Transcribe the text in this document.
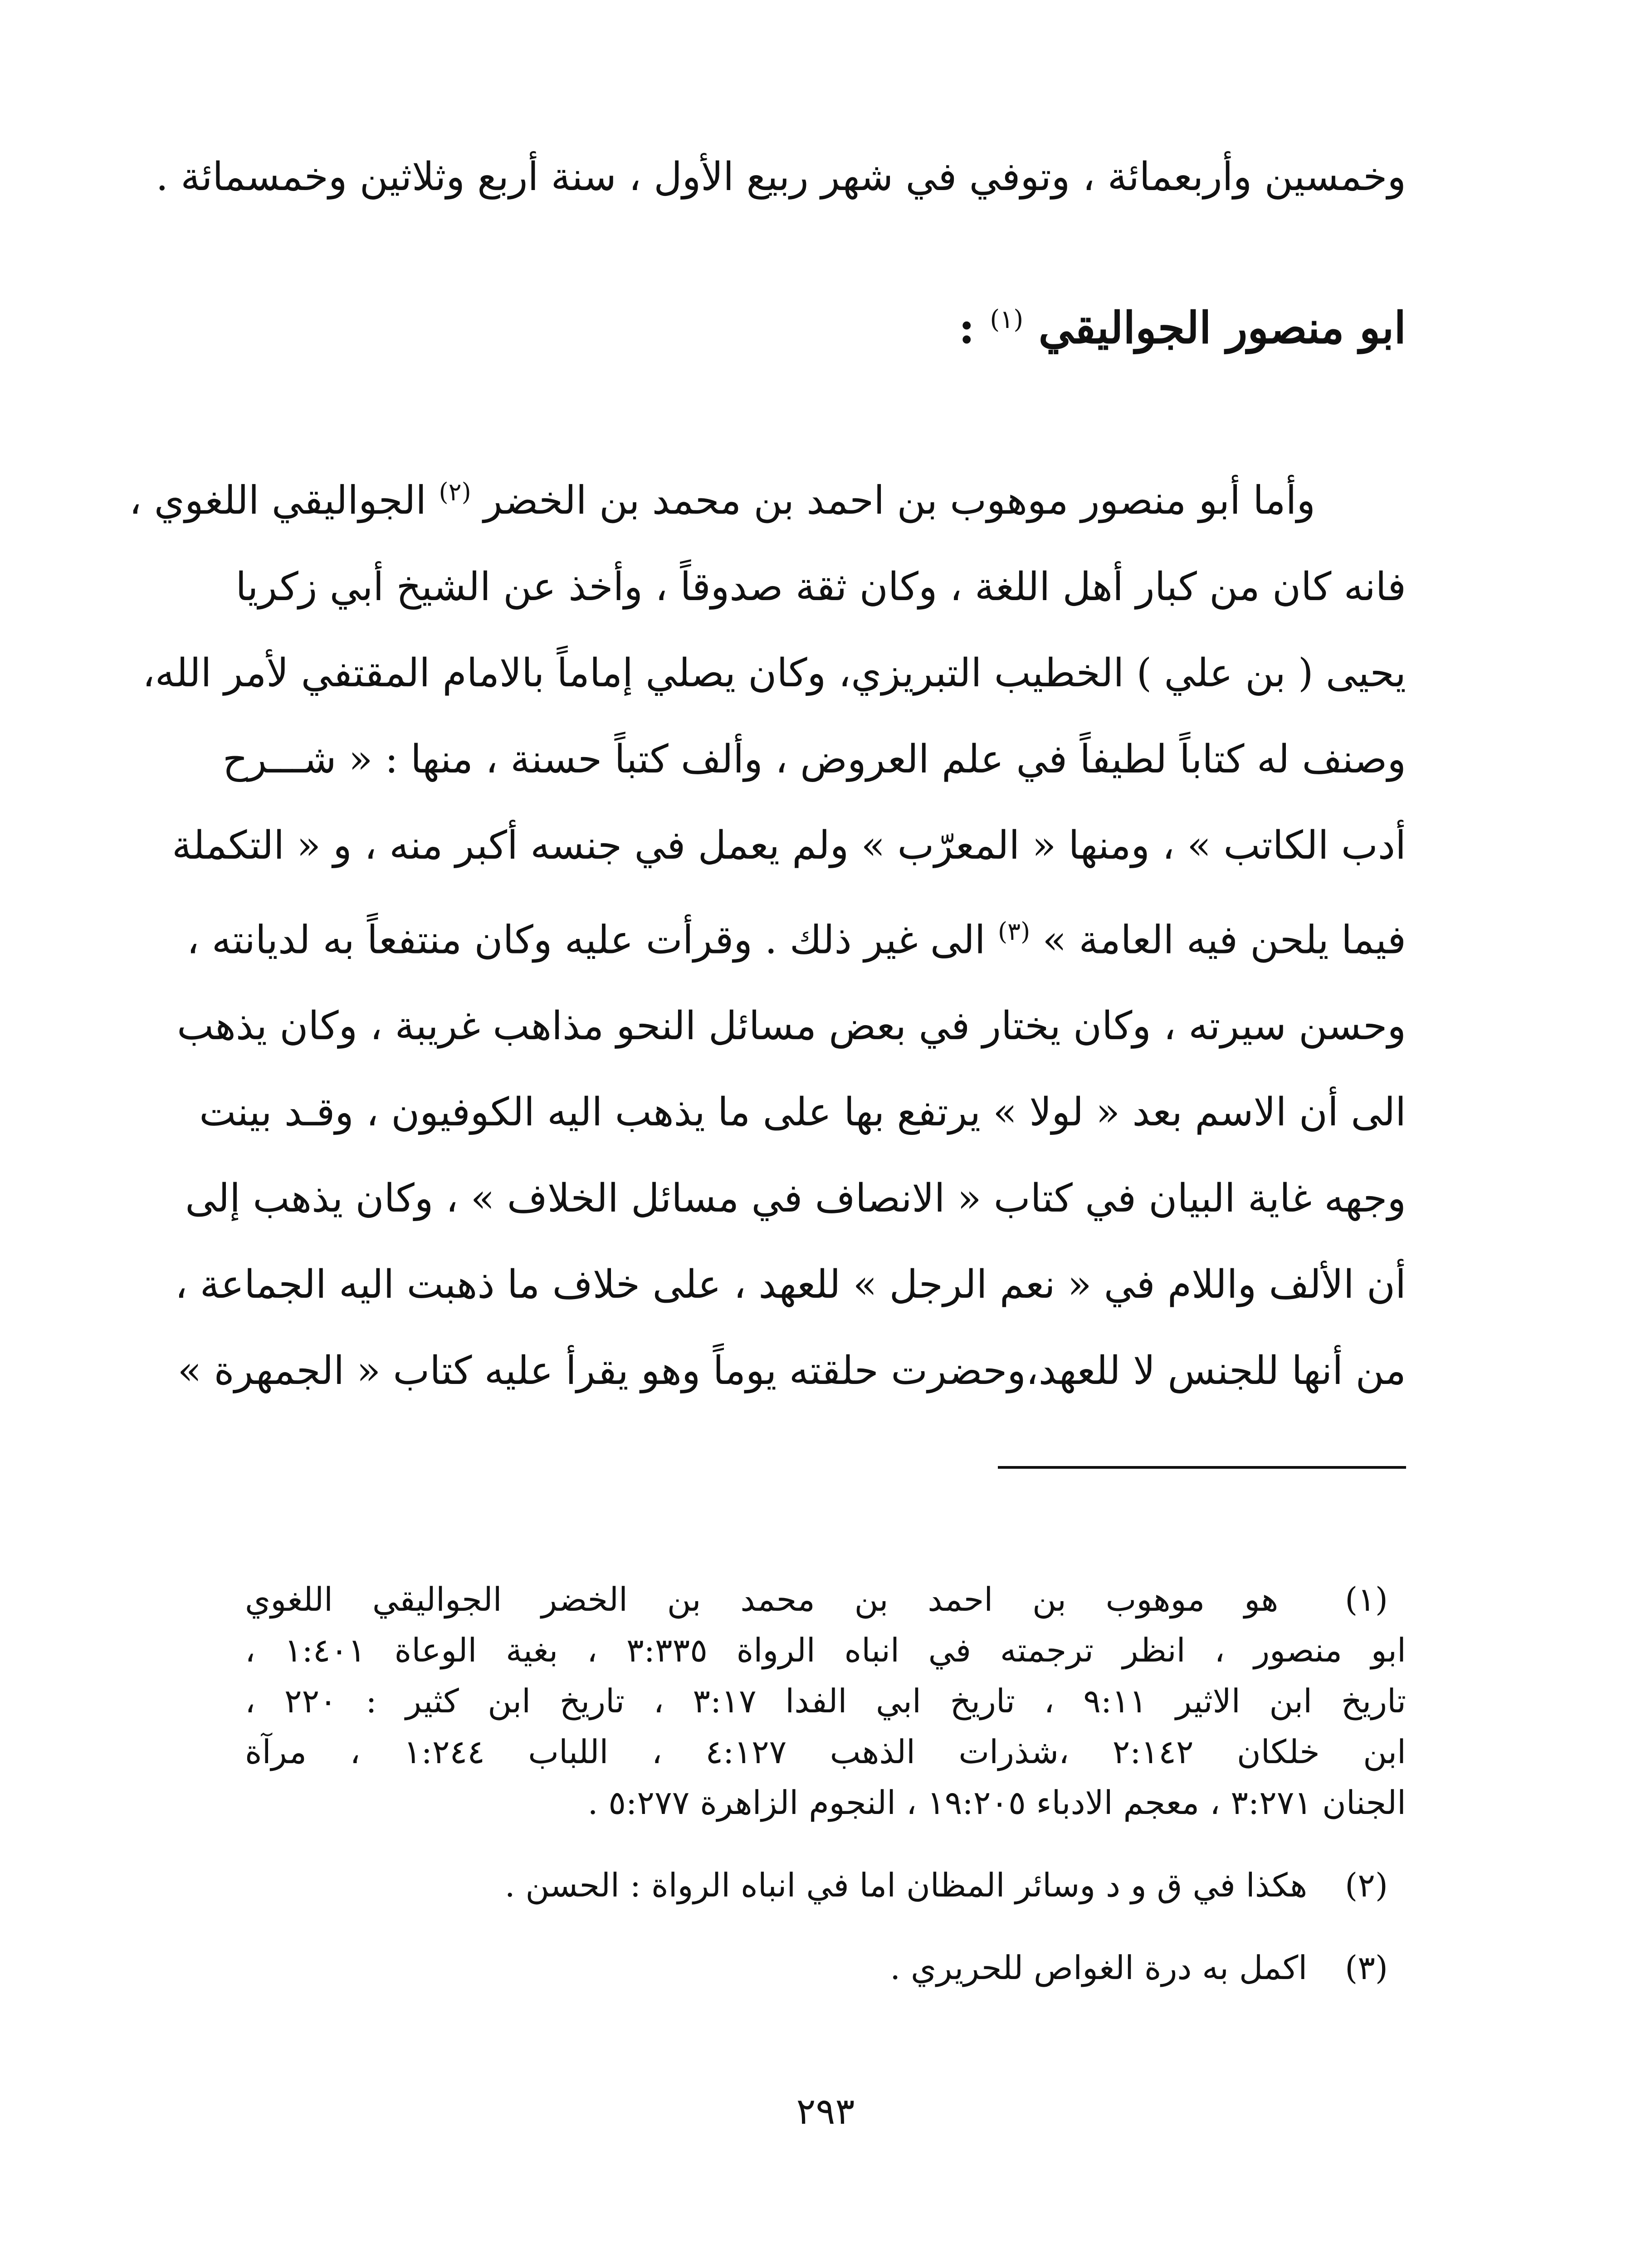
وخمسين وأربعمائة ، وتوفي في شهر ربيع الأول ، سنة أربع وثلاثين وخمسمائة .
ابو منصور الجواليقي $^{(١)}$ :
وأما أبو منصور موهوب بن احمد بن محمد بن الخضر $^{(٢)}$ الجواليقي اللغوي ،
فانه كان من كبار أهل اللغة ، وكان ثقة صدوقاً ، وأخذ عن الشيخ أبي زكريا
يحيى ( بن علي ) الخطيب التبريزي، وكان يصلي إماماً بالامام المقتفي لأمر الله،
وصنف له كتاباً لطيفاً في علم العروض ، وألف كتباً حسنة ، منها : « شـــرح
أدب الكاتب » ، ومنها « المعرّب » ولم يعمل في جنسه أكبر منه ، و « التكملة
فيما يلحن فيه العامة » $^{(٣)}$ الى غير ذلك . وقرأت عليه وكان منتفعاً به لديانته ،
وحسن سيرته ، وكان يختار في بعض مسائل النحو مذاهب غريبة ، وكان يذهب
الى أن الاسم بعد « لولا » يرتفع بها على ما يذهب اليه الكوفيون ، وقـد بينت
وجهه غاية البيان في كتاب « الانصاف في مسائل الخلاف » ، وكان يذهب إلى
أن الألف واللام في « نعم الرجل » للعهد ، على خلاف ما ذهبت اليه الجماعة ،
من أنها للجنس لا للعهد،وحضرت حلقته يوماً وهو يقرأ عليه كتاب « الجمهرة »
(١) هو موهوب بن احمد بن محمد بن الخضر الجواليقي اللغوي
ابو منصور ، انظر ترجمته في انباه الرواة ٣:٣٣٥ ، بغية الوعاة ١:٤٠١ ،
تاريخ ابن الاثير ٩:١١ ، تاريخ ابي الفدا ٣:١٧ ، تاريخ ابن كثير : ٢٢٠ ،
ابن خلكان ٢:١٤٢ ،شذرات الذهب ٤:١٢٧ ، اللباب ١:٢٤٤ ، مرآة
الجنان ٣:٢٧١ ، معجم الادباء ١٩:٢٠٥ ، النجوم الزاهرة ٥:٢٧٧ .
(٢) هكذا في ق و د وسائر المظان اما في انباه الرواة : الحسن .
(٣) اكمل به درة الغواص للحريري .
٢٩٣
